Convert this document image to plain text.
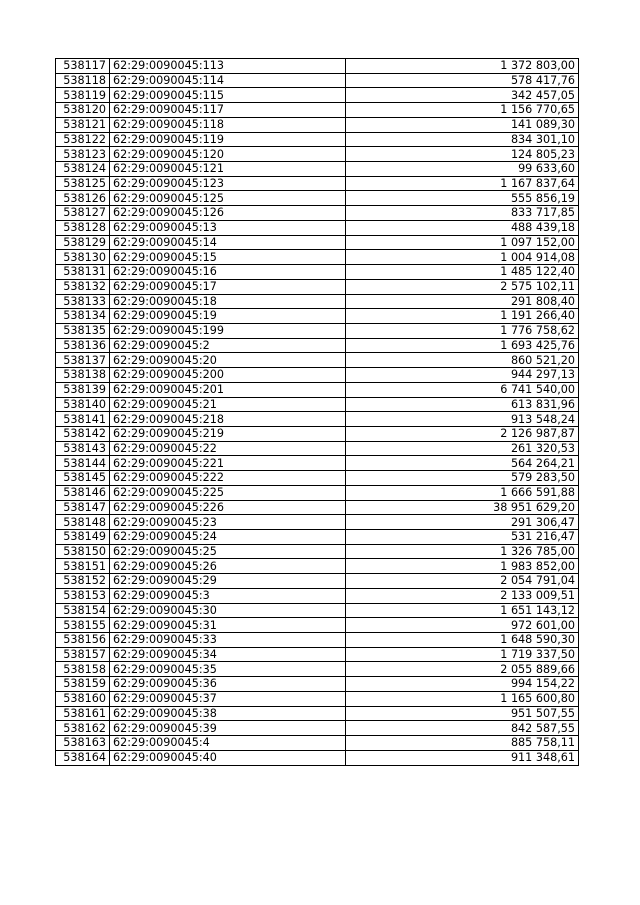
538117	62:29:0090045:113	1 372 803,00
538118	62:29:0090045:114	578 417,76
538119	62:29:0090045:115	342 457,05
538120	62:29:0090045:117	1 156 770,65
538121	62:29:0090045:118	141 089,30
538122	62:29:0090045:119	834 301,10
538123	62:29:0090045:120	124 805,23
538124	62:29:0090045:121	99 633,60
538125	62:29:0090045:123	1 167 837,64
538126	62:29:0090045:125	555 856,19
538127	62:29:0090045:126	833 717,85
538128	62:29:0090045:13	488 439,18
538129	62:29:0090045:14	1 097 152,00
538130	62:29:0090045:15	1 004 914,08
538131	62:29:0090045:16	1 485 122,40
538132	62:29:0090045:17	2 575 102,11
538133	62:29:0090045:18	291 808,40
538134	62:29:0090045:19	1 191 266,40
538135	62:29:0090045:199	1 776 758,62
538136	62:29:0090045:2	1 693 425,76
538137	62:29:0090045:20	860 521,20
538138	62:29:0090045:200	944 297,13
538139	62:29:0090045:201	6 741 540,00
538140	62:29:0090045:21	613 831,96
538141	62:29:0090045:218	913 548,24
538142	62:29:0090045:219	2 126 987,87
538143	62:29:0090045:22	261 320,53
538144	62:29:0090045:221	564 264,21
538145	62:29:0090045:222	579 283,50
538146	62:29:0090045:225	1 666 591,88
538147	62:29:0090045:226	38 951 629,20
538148	62:29:0090045:23	291 306,47
538149	62:29:0090045:24	531 216,47
538150	62:29:0090045:25	1 326 785,00
538151	62:29:0090045:26	1 983 852,00
538152	62:29:0090045:29	2 054 791,04
538153	62:29:0090045:3	2 133 009,51
538154	62:29:0090045:30	1 651 143,12
538155	62:29:0090045:31	972 601,00
538156	62:29:0090045:33	1 648 590,30
538157	62:29:0090045:34	1 719 337,50
538158	62:29:0090045:35	2 055 889,66
538159	62:29:0090045:36	994 154,22
538160	62:29:0090045:37	1 165 600,80
538161	62:29:0090045:38	951 507,55
538162	62:29:0090045:39	842 587,55
538163	62:29:0090045:4	885 758,11
538164	62:29:0090045:40	911 348,61
